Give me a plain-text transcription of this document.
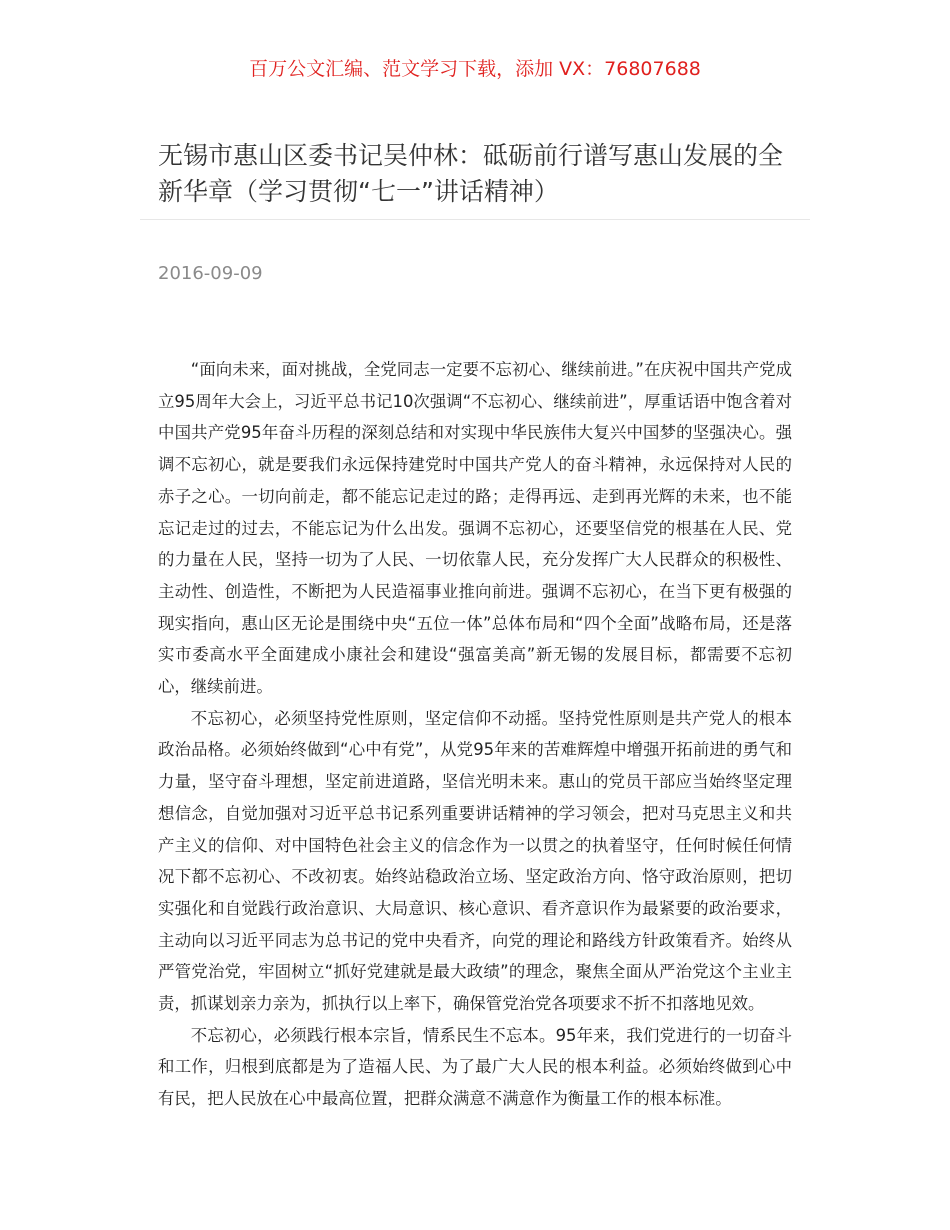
百万公文汇编、范文学习下载，添加 VX：76807688
无锡市惠山区委书记吴仲林：砥砺前行谱写惠山发展的全新华章（学习贯彻“七一”讲话精神）
2016-09-09

“面向未来，面对挑战，全党同志一定要不忘初心、继续前进。”在庆祝中国共产党成立95周年大会上，习近平总书记10次强调“不忘初心、继续前进”，厚重话语中饱含着对中国共产党95年奋斗历程的深刻总结和对实现中华民族伟大复兴中国梦的坚强决心。强调不忘初心，就是要我们永远保持建党时中国共产党人的奋斗精神，永远保持对人民的赤子之心。一切向前走，都不能忘记走过的路；走得再远、走到再光辉的未来，也不能忘记走过的过去，不能忘记为什么出发。强调不忘初心，还要坚信党的根基在人民、党的力量在人民，坚持一切为了人民、一切依靠人民，充分发挥广大人民群众的积极性、主动性、创造性，不断把为人民造福事业推向前进。强调不忘初心，在当下更有极强的现实指向，惠山区无论是围绕中央“五位一体”总体布局和“四个全面”战略布局，还是落实市委高水平全面建成小康社会和建设“强富美高”新无锡的发展目标，都需要不忘初心，继续前进。

不忘初心，必须坚持党性原则，坚定信仰不动摇。坚持党性原则是共产党人的根本政治品格。必须始终做到“心中有党”，从党95年来的苦难辉煌中增强开拓前进的勇气和力量，坚守奋斗理想，坚定前进道路，坚信光明未来。惠山的党员干部应当始终坚定理想信念，自觉加强对习近平总书记系列重要讲话精神的学习领会，把对马克思主义和共产主义的信仰、对中国特色社会主义的信念作为一以贯之的执着坚守，任何时候任何情况下都不忘初心、不改初衷。始终站稳政治立场、坚定政治方向、恪守政治原则，把切实强化和自觉践行政治意识、大局意识、核心意识、看齐意识作为最紧要的政治要求，主动向以习近平同志为总书记的党中央看齐，向党的理论和路线方针政策看齐。始终从严管党治党，牢固树立“抓好党建就是最大政绩”的理念，聚焦全面从严治党这个主业主责，抓谋划亲力亲为，抓执行以上率下，确保管党治党各项要求不折不扣落地见效。

不忘初心，必须践行根本宗旨，情系民生不忘本。95年来，我们党进行的一切奋斗和工作，归根到底都是为了造福人民、为了最广大人民的根本利益。必须始终做到心中有民，把人民放在心中最高位置，把群众满意不满意作为衡量工作的根本标准。
